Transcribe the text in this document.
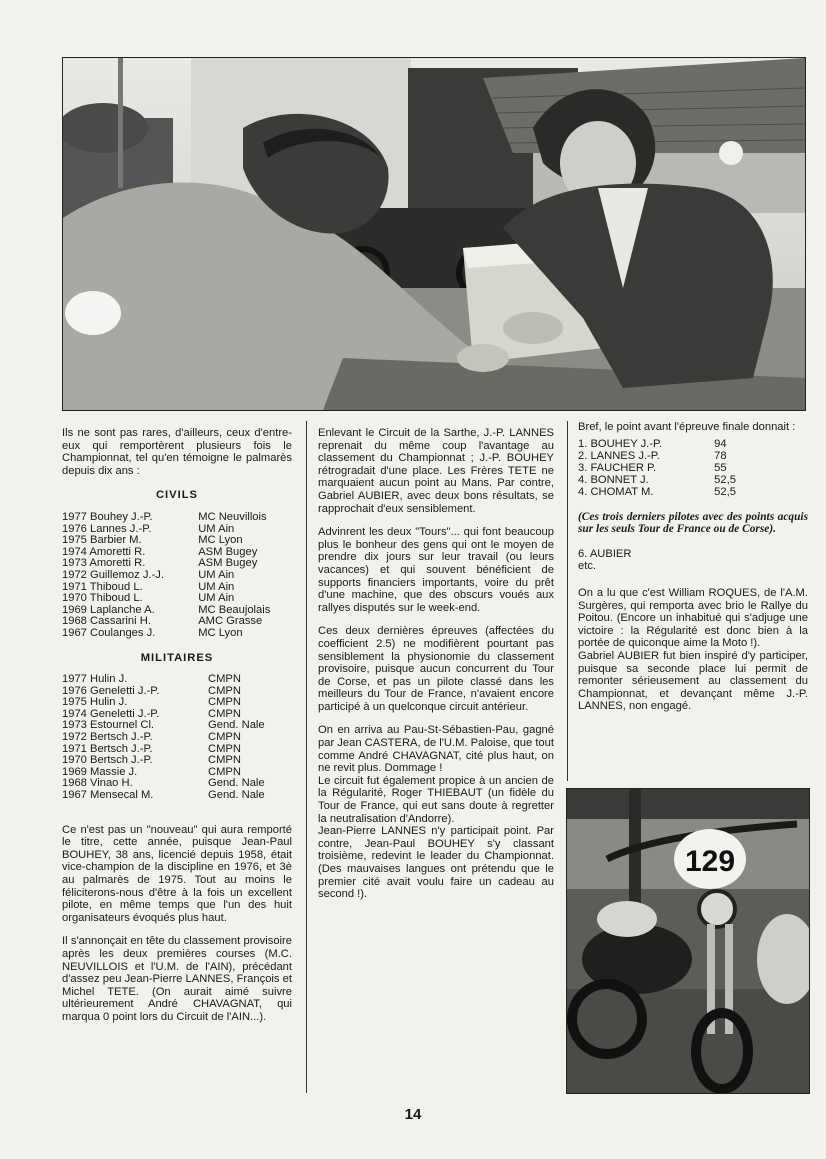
Ils ne sont pas rares, d'ailleurs, ceux d'entre-eux qui remportèrent plusieurs fois le Championnat, tel qu'en témoigne le palmarès depuis dix ans :

CIVILS
1977 Bouhey J.-P.	MC Neuvillois
1976 Lannes J.-P.	UM Ain
1975 Barbier M.	MC Lyon
1974 Amoretti R.	ASM Bugey
1973 Amoretti R.	ASM Bugey
1972 Guillemoz J.-J.	UM Ain
1971 Thiboud L.	UM Ain
1970 Thiboud L.	UM Ain
1969 Laplanche A.	MC Beaujolais
1968 Cassarini H.	AMC Grasse
1967 Coulanges J.	MC Lyon
MILITAIRES
1977 Hulin J.	CMPN
1976 Geneletti J.-P.	CMPN
1975 Hulin J.	CMPN
1974 Geneletti J.-P.	CMPN
1973 Estournel Cl.	Gend. Nale
1972 Bertsch J.-P.	CMPN
1971 Bertsch J.-P.	CMPN
1970 Bertsch J.-P.	CMPN
1969 Massie J.	CMPN
1968 Vinao H.	Gend. Nale
1967 Mensecal M.	Gend. Nale

Ce n'est pas un "nouveau" qui aura remporté le titre, cette année, puisque Jean-Paul BOUHEY, 38 ans, licencié depuis 1958, était vice-champion de la discipline en 1976, et 3è au palmarès de 1975. Tout au moins le féliciterons-nous d'être à la fois un excellent pilote, en même temps que l'un des huit organisateurs évoqués plus haut.

Il s'annonçait en tête du classement provisoire après les deux premières courses (M.C. NEUVILLOIS et l'U.M. de l'AIN), précédant d'assez peu Jean-Pierre LANNES, François et Michel TETE. (On aurait aimé suivre ultérieurement André CHAVAGNAT, qui marqua 0 point lors du Circuit de l'AIN...).

Enlevant le Circuit de la Sarthe, J.-P. LANNES reprenait du même coup l'avantage au classement du Championnat ; J.-P. BOUHEY rétrogradait d'une place. Les Frères TETE ne marquaient aucun point au Mans. Par contre, Gabriel AUBIER, avec deux bons résultats, se rapprochait d'eux sensiblement.

Advinrent les deux "Tours"... qui font beaucoup plus le bonheur des gens qui ont le moyen de prendre dix jours sur leur travail (ou leurs vacances) et qui souvent bénéficient de supports financiers importants, voire du prêt d'une machine, que des obscurs voués aux rallyes disputés sur le week-end.

Ces deux dernières épreuves (affectées du coefficient 2.5) ne modifièrent pourtant pas sensiblement la physionomie du classement provisoire, puisque aucun concurrent du Tour de Corse, et pas un pilote classé dans les meilleurs du Tour de France, n'avaient encore participé à un quelconque circuit antérieur.

On en arriva au Pau-St-Sébastien-Pau, gagné par Jean CASTERA, de l'U.M. Paloise, que tout comme André CHAVAGNAT, cité plus haut, on ne revit plus. Dommage !

Le circuit fut également propice à un ancien de la Régularité, Roger THIEBAUT (un fidèle du Tour de France, qui eut sans doute à regretter la neutralisation d'Andorre).

Jean-Pierre LANNES n'y participait point. Par contre, Jean-Paul BOUHEY s'y classant troisième, redevint le leader du Championnat. (Des mauvaises langues ont prétendu que le premier cité avait voulu faire un cadeau au second !).

Bref, le point avant l'épreuve finale donnait :

1. BOUHEY J.-P.	94
2. LANNES J.-P.	78
3. FAUCHER P.	55
4. BONNET J.	52,5
4. CHOMAT M.	52,5
(Ces trois derniers pilotes avec des points acquis sur les seuls Tour de France ou de Corse).
6. AUBIER
etc.

On a lu que c'est William ROQUES, de l'A.M. Surgères, qui remporta avec brio le Rallye du Poitou. (Encore un inhabitué qui s'adjuge une victoire : la Régularité est donc bien à la portée de quiconque aime la Moto !).

Gabriel AUBIER fut bien inspiré d'y participer, puisque sa seconde place lui permit de remonter sérieusement au classement du Championnat, et devançant même J.-P. LANNES, non engagé.

129
14
